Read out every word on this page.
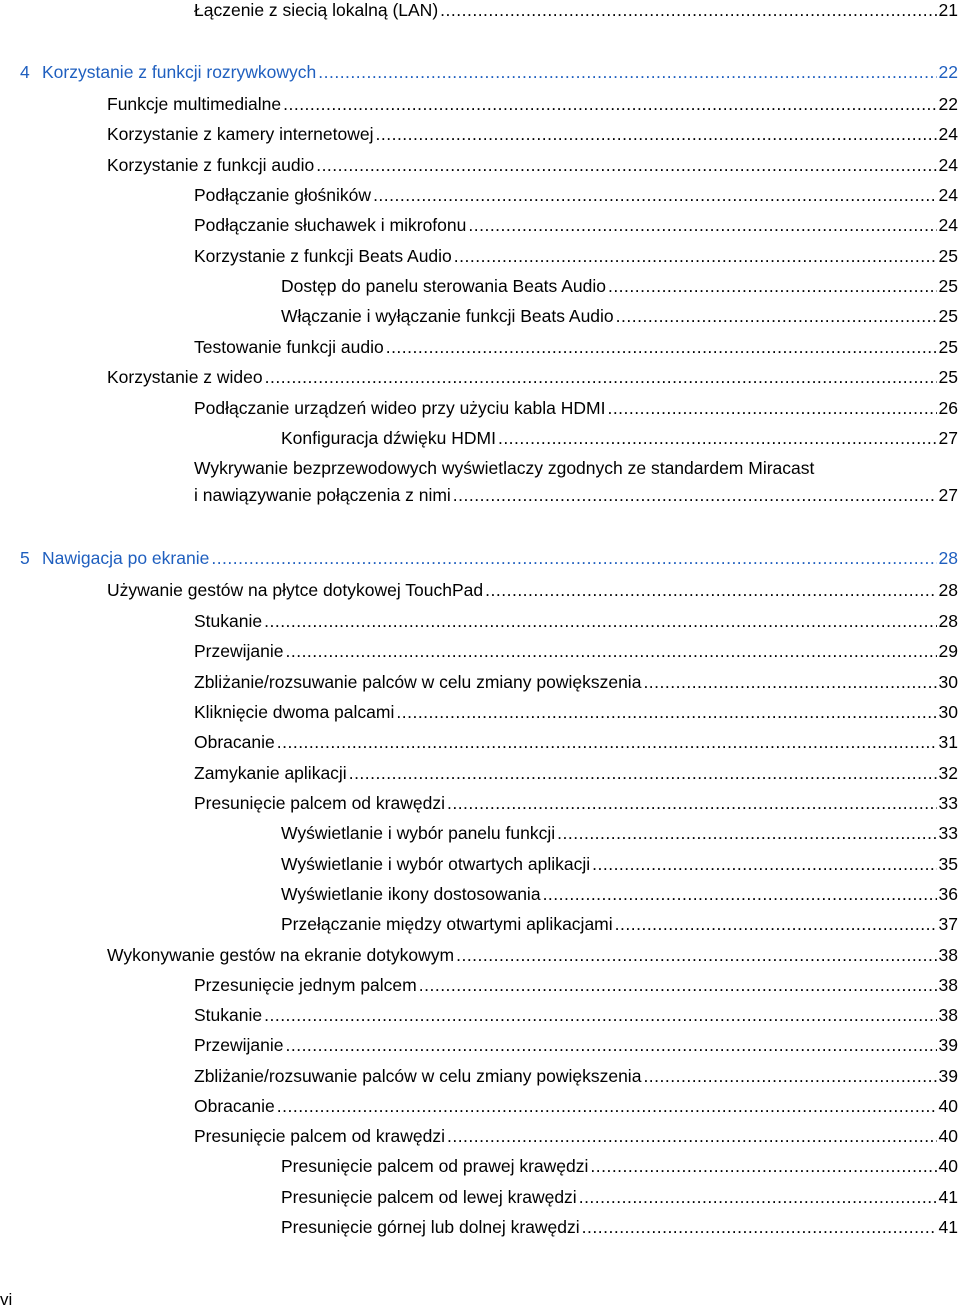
Łączenie z siecią lokalną (LAN) .....	21
4 Korzystanie z funkcji rozrywkowych .....	22
Funkcje multimedialne .....	22
Korzystanie z kamery internetowej .....	24
Korzystanie z funkcji audio .....	24
Podłączanie głośników .....	24
Podłączanie słuchawek i mikrofonu .....	24
Korzystanie z funkcji Beats Audio .....	25
Dostęp do panelu sterowania Beats Audio .....	25
Włączanie i wyłączanie funkcji Beats Audio .....	25
Testowanie funkcji audio .....	25
Korzystanie z wideo .....	25
Podłączanie urządzeń wideo przy użyciu kabla HDMI .....	26
Konfiguracja dźwięku HDMI .....	27
Wykrywanie bezprzewodowych wyświetlaczy zgodnych ze standardem Miracast
i nawiązywanie połączenia z nimi .....	27
5 Nawigacja po ekranie .....	28
Używanie gestów na płytce dotykowej TouchPad .....	28
Stukanie .....	28
Przewijanie .....	29
Zbliżanie/rozsuwanie palców w celu zmiany powiększenia .....	30
Kliknięcie dwoma palcami .....	30
Obracanie .....	31
Zamykanie aplikacji .....	32
Presunięcie palcem od krawędzi .....	33
Wyświetlanie i wybór panelu funkcji .....	33
Wyświetlanie i wybór otwartych aplikacji .....	35
Wyświetlanie ikony dostosowania .....	36
Przełączanie między otwartymi aplikacjami .....	37
Wykonywanie gestów na ekranie dotykowym .....	38
Przesunięcie jednym palcem .....	38
Stukanie .....	38
Przewijanie .....	39
Zbliżanie/rozsuwanie palców w celu zmiany powiększenia .....	39
Obracanie .....	40
Presunięcie palcem od krawędzi .....	40
Presunięcie palcem od prawej krawędzi .....	40
Presunięcie palcem od lewej krawędzi .....	41
Presunięcie górnej lub dolnej krawędzi .....	41
vi
